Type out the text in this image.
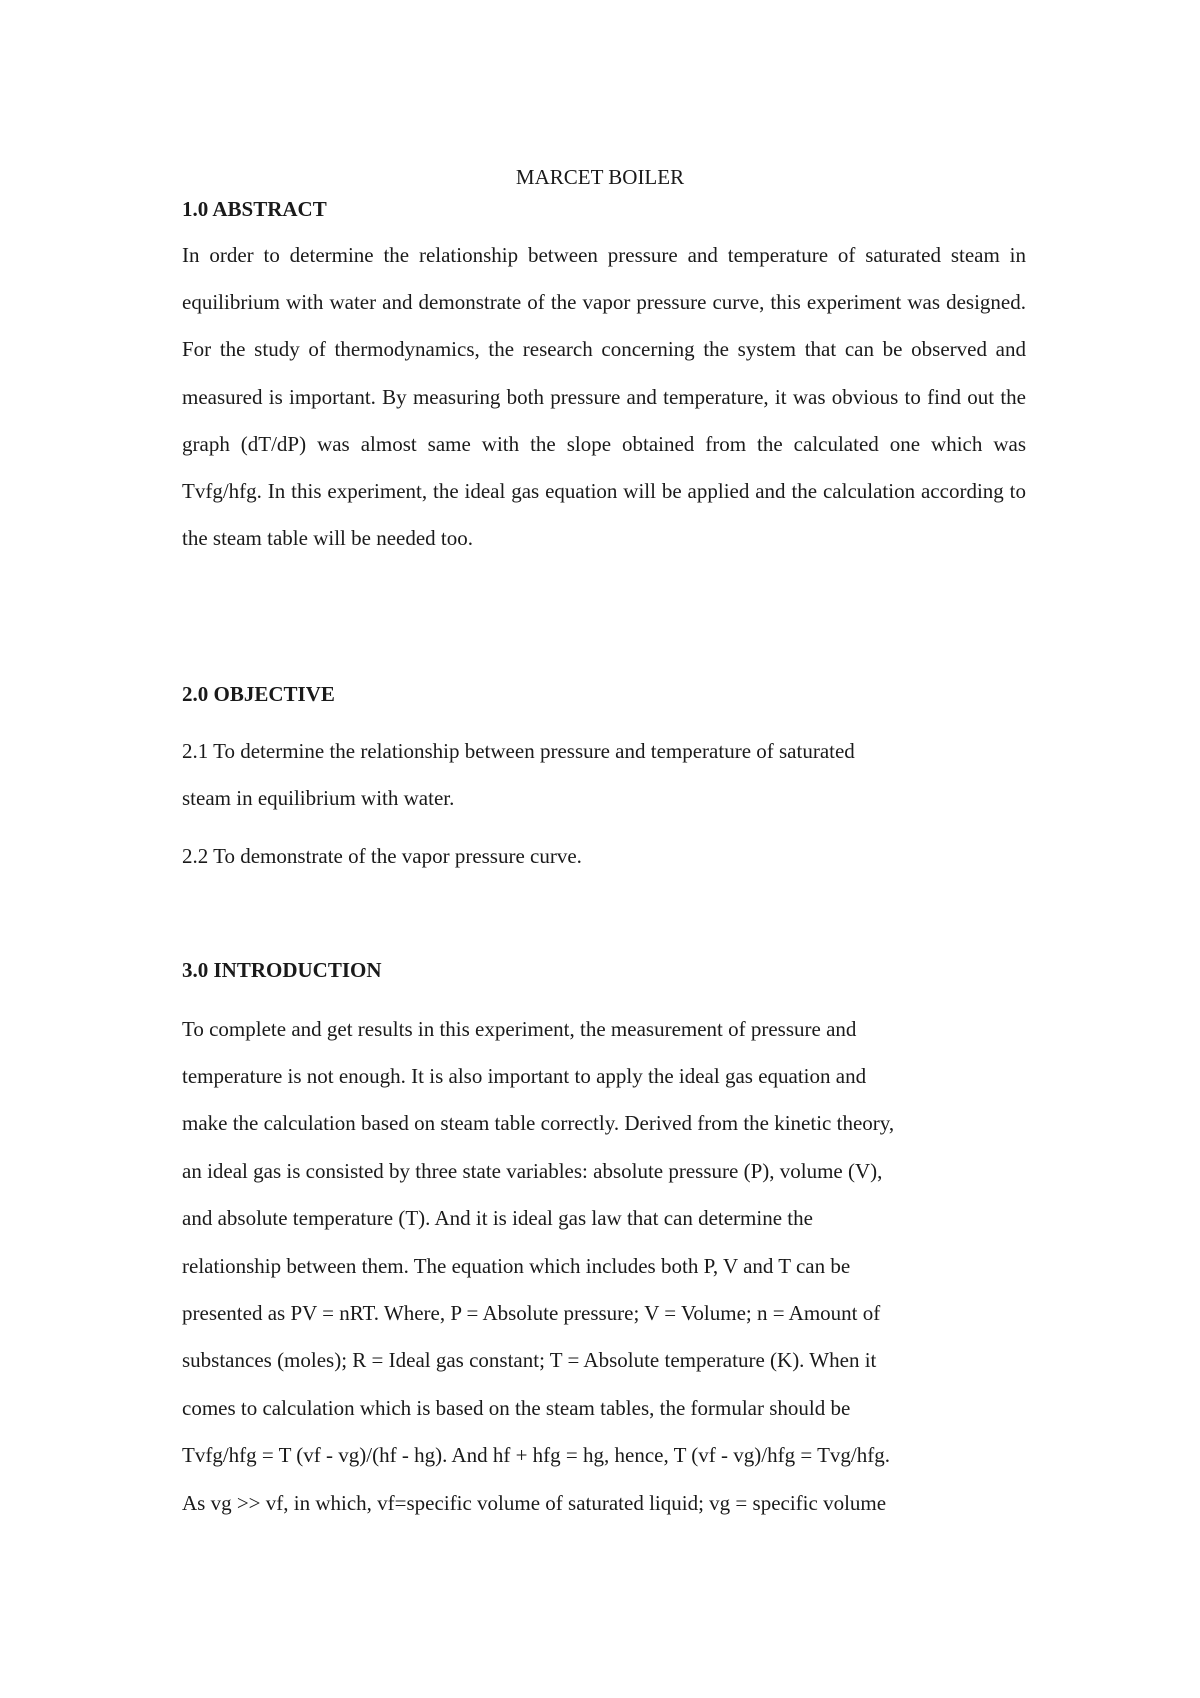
MARCET BOILER
1.0 ABSTRACT
In order to determine the relationship between pressure and temperature of saturated steam in equilibrium with water and demonstrate of the vapor pressure curve, this experiment was designed. For the study of thermodynamics, the research concerning the system that can be observed and measured is important. By measuring both pressure and temperature, it was obvious to find out the graph (dT/dP) was almost same with the slope obtained from the calculated one which was Tvfg/hfg. In this experiment, the ideal gas equation will be applied and the calculation according to the steam table will be needed too.
2.0 OBJECTIVE
2.1 To determine the relationship between pressure and temperature of saturated
steam in equilibrium with water.
2.2 To demonstrate of the vapor pressure curve.
3.0 INTRODUCTION
To complete and get results in this experiment, the measurement of pressure and
temperature is not enough. It is also important to apply the ideal gas equation and
make the calculation based on steam table correctly. Derived from the kinetic theory,
an ideal gas is consisted by three state variables: absolute pressure (P), volume (V),
and absolute temperature (T). And it is ideal gas law that can determine the
relationship between them. The equation which includes both P, V and T can be
presented as PV = nRT. Where, P = Absolute pressure; V = Volume; n = Amount of
substances (moles); R = Ideal gas constant; T = Absolute temperature (K). When it
comes to calculation which is based on the steam tables, the formular should be
Tvfg/hfg = T (vf - vg)/(hf - hg). And hf + hfg = hg, hence, T (vf - vg)/hfg = Tvg/hfg.
As vg >> vf, in which, vf=specific volume of saturated liquid; vg = specific volume
